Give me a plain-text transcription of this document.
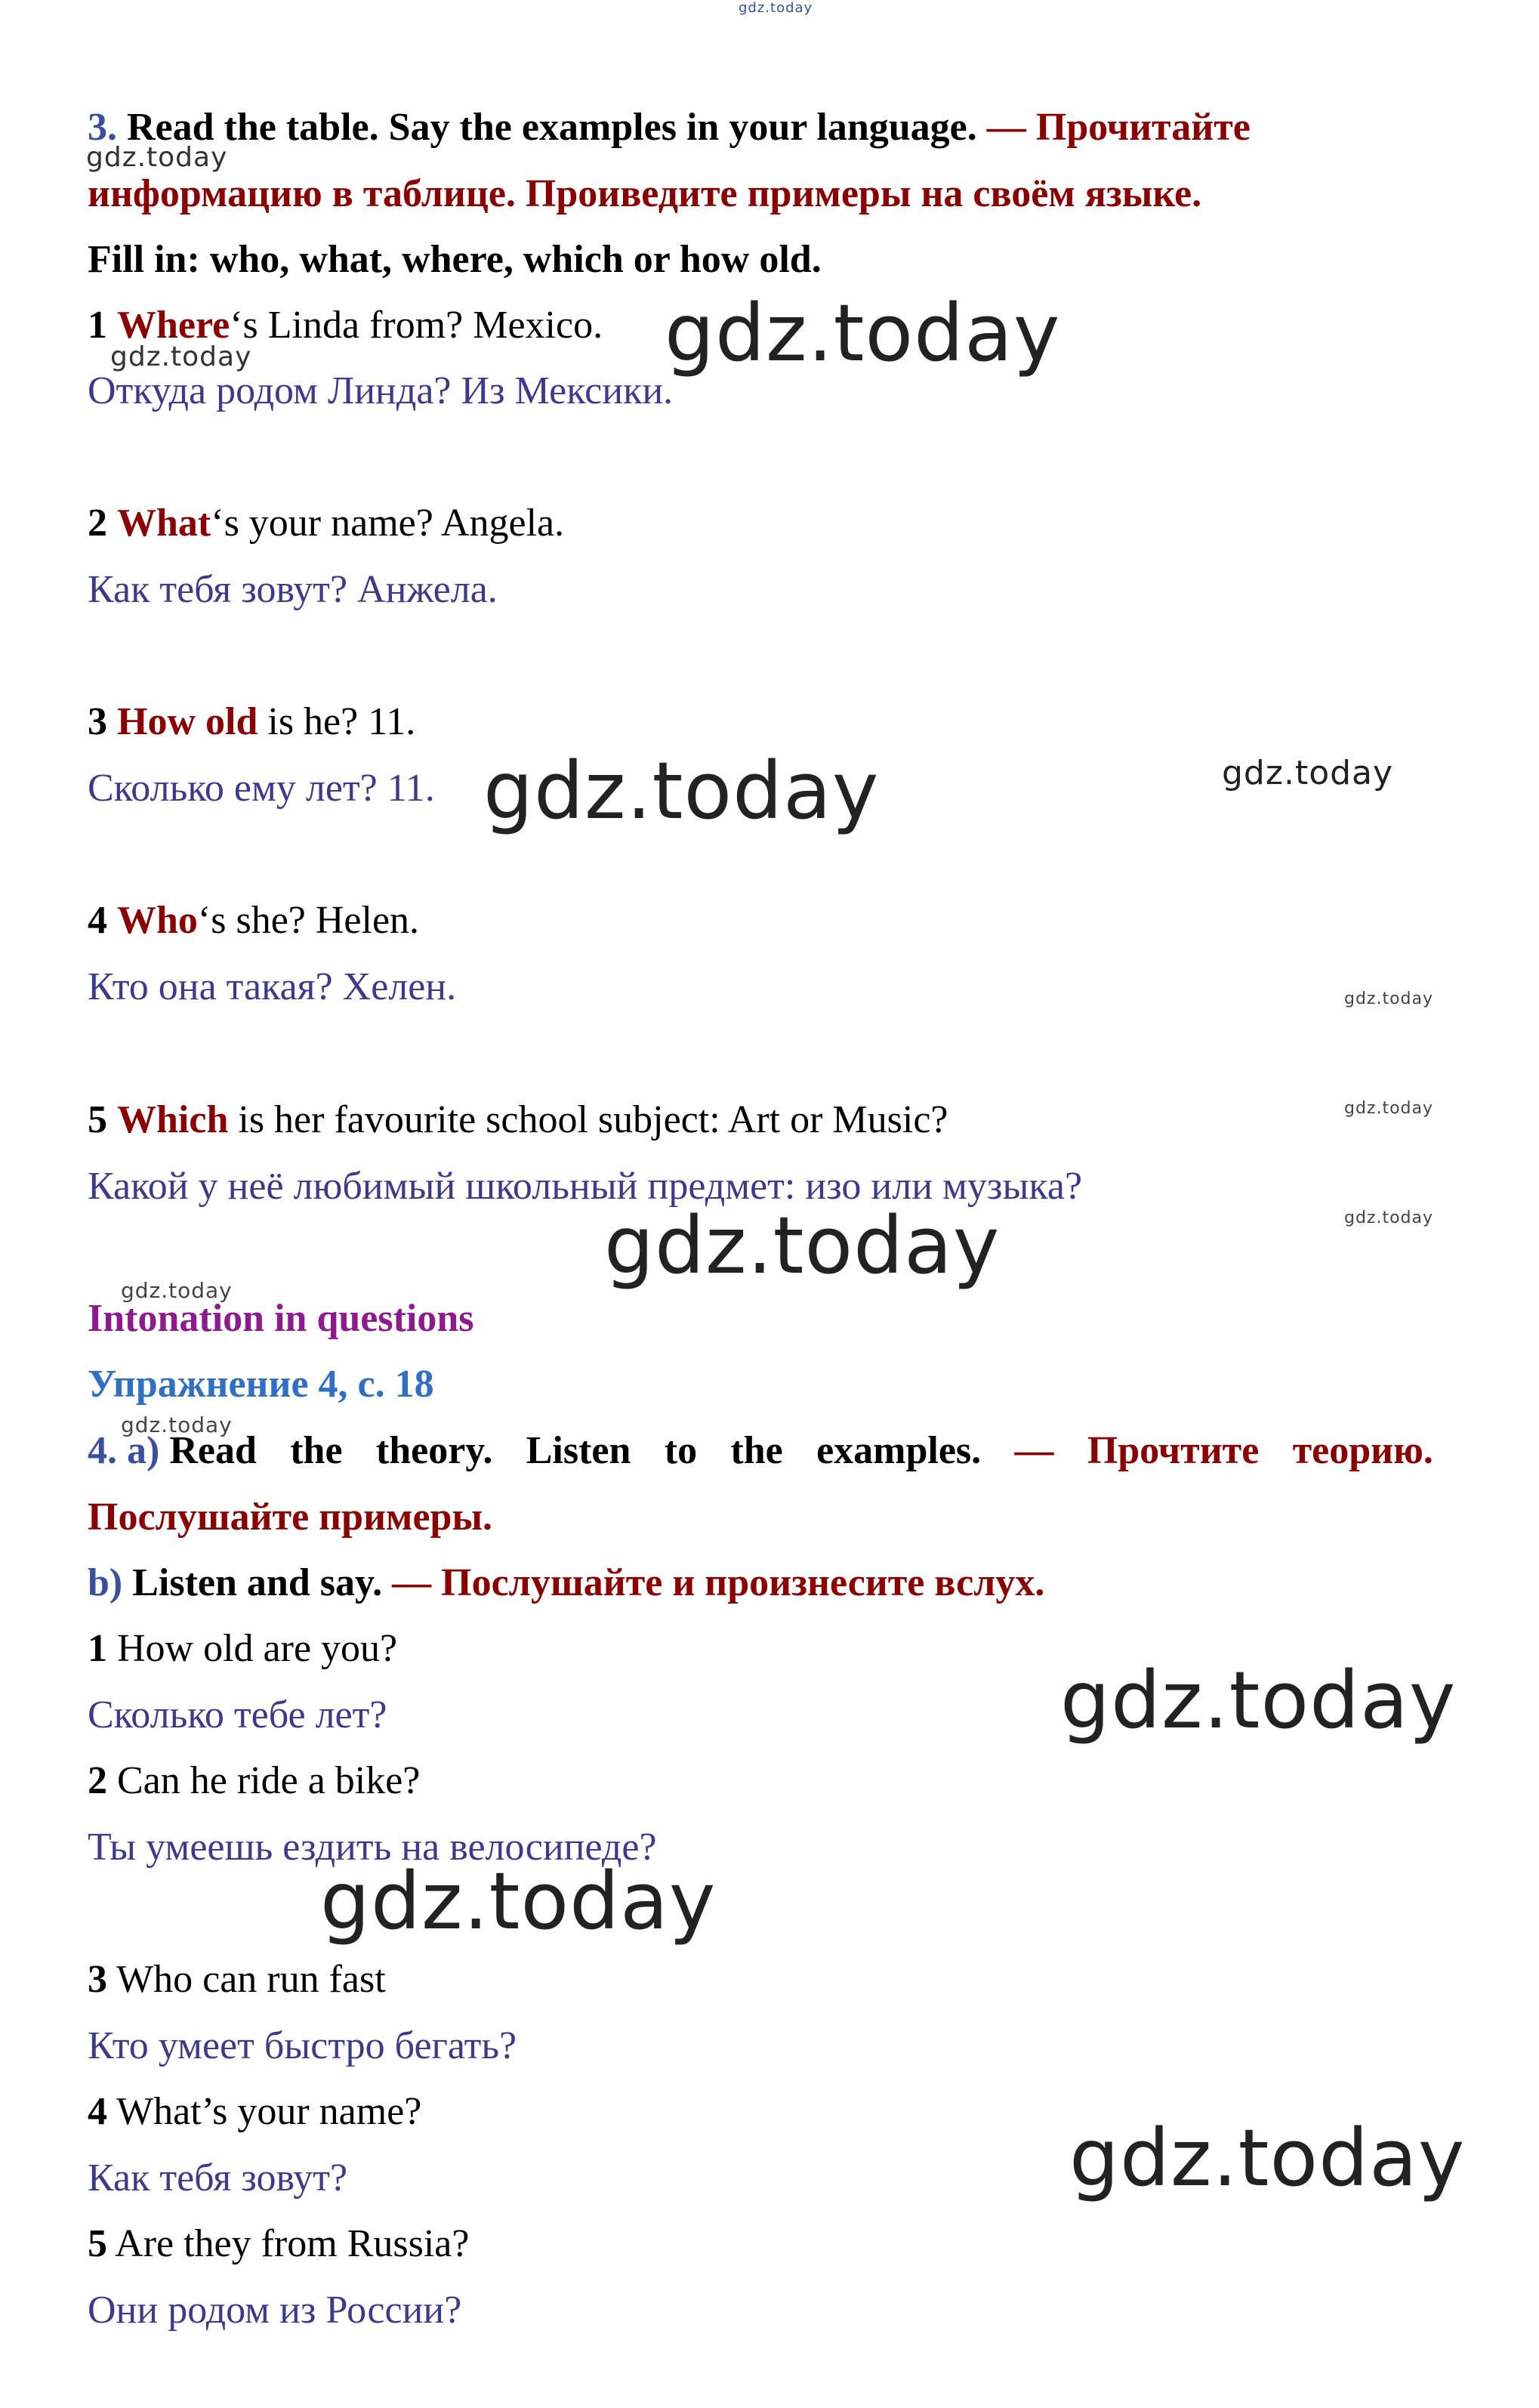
gdz.today
3. Read the table. Say the examples in your language. — Прочитайте
информацию в таблице. Проиведите примеры на своём языке.
Fill in: who, what, where, which or how old.
1 Where‘s Linda from? Mexico.
Откуда родом Линда? Из Мексики.
2 What‘s your name? Angela.
Как тебя зовут? Анжела.
3 How old is he? 11.
Сколько ему лет? 11.
4 Who‘s she? Helen.
Кто она такая? Хелен.
5 Which is her favourite school subject: Art or Music?
Какой у неё любимый школьный предмет: изо или музыка?
Intonation in questions
Упражнение 4, с. 18
4. a) Read the theory. Listen to the examples. — Прочтите теорию.
Послушайте примеры.
b) Listen and say. — Послушайте и произнесите вслух.
1 How old are you?
Сколько тебе лет?
2 Can he ride a bike?
Ты умеешь ездить на велосипеде?
3 Who can run fast
Кто умеет быстро бегать?
4 What’s your name?
Как тебя зовут?
5 Are they from Russia?
Они родом из России?
gdz.today
gdz.today
gdz.today
gdz.today
gdz.today
gdz.today
gdz.today
gdz.today
gdz.today
gdz.today
gdz.today
gdz.today
gdz.today
gdz.today
